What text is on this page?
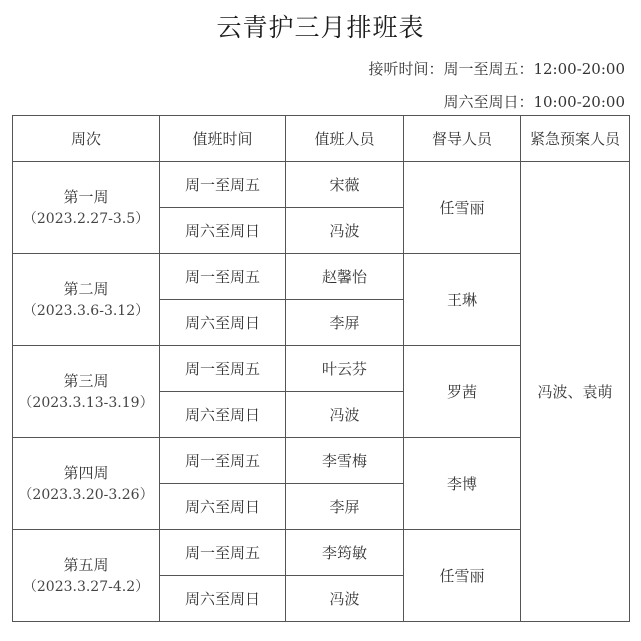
云青护三月排班表
接听时间：周一至周五：12:00-20:00
周六至周日：10:00-20:00
周次	值班时间	值班人员	督导人员	紧急预案人员
第一周
（2023.2.27-3.5）	周一至周五	宋薇	任雪丽	冯波、袁萌
	周六至周日	冯波		
第二周
（2023.3.6-3.12）	周一至周五	赵馨怡	王琳	
	周六至周日	李屏		
第三周
（2023.3.13-3.19）	周一至周五	叶云芬	罗茜	
	周六至周日	冯波		
第四周
（2023.3.20-3.26）	周一至周五	李雪梅	李博	
	周六至周日	李屏		
第五周
（2023.3.27-4.2）	周一至周五	李筠敏	任雪丽	
	周六至周日	冯波		
